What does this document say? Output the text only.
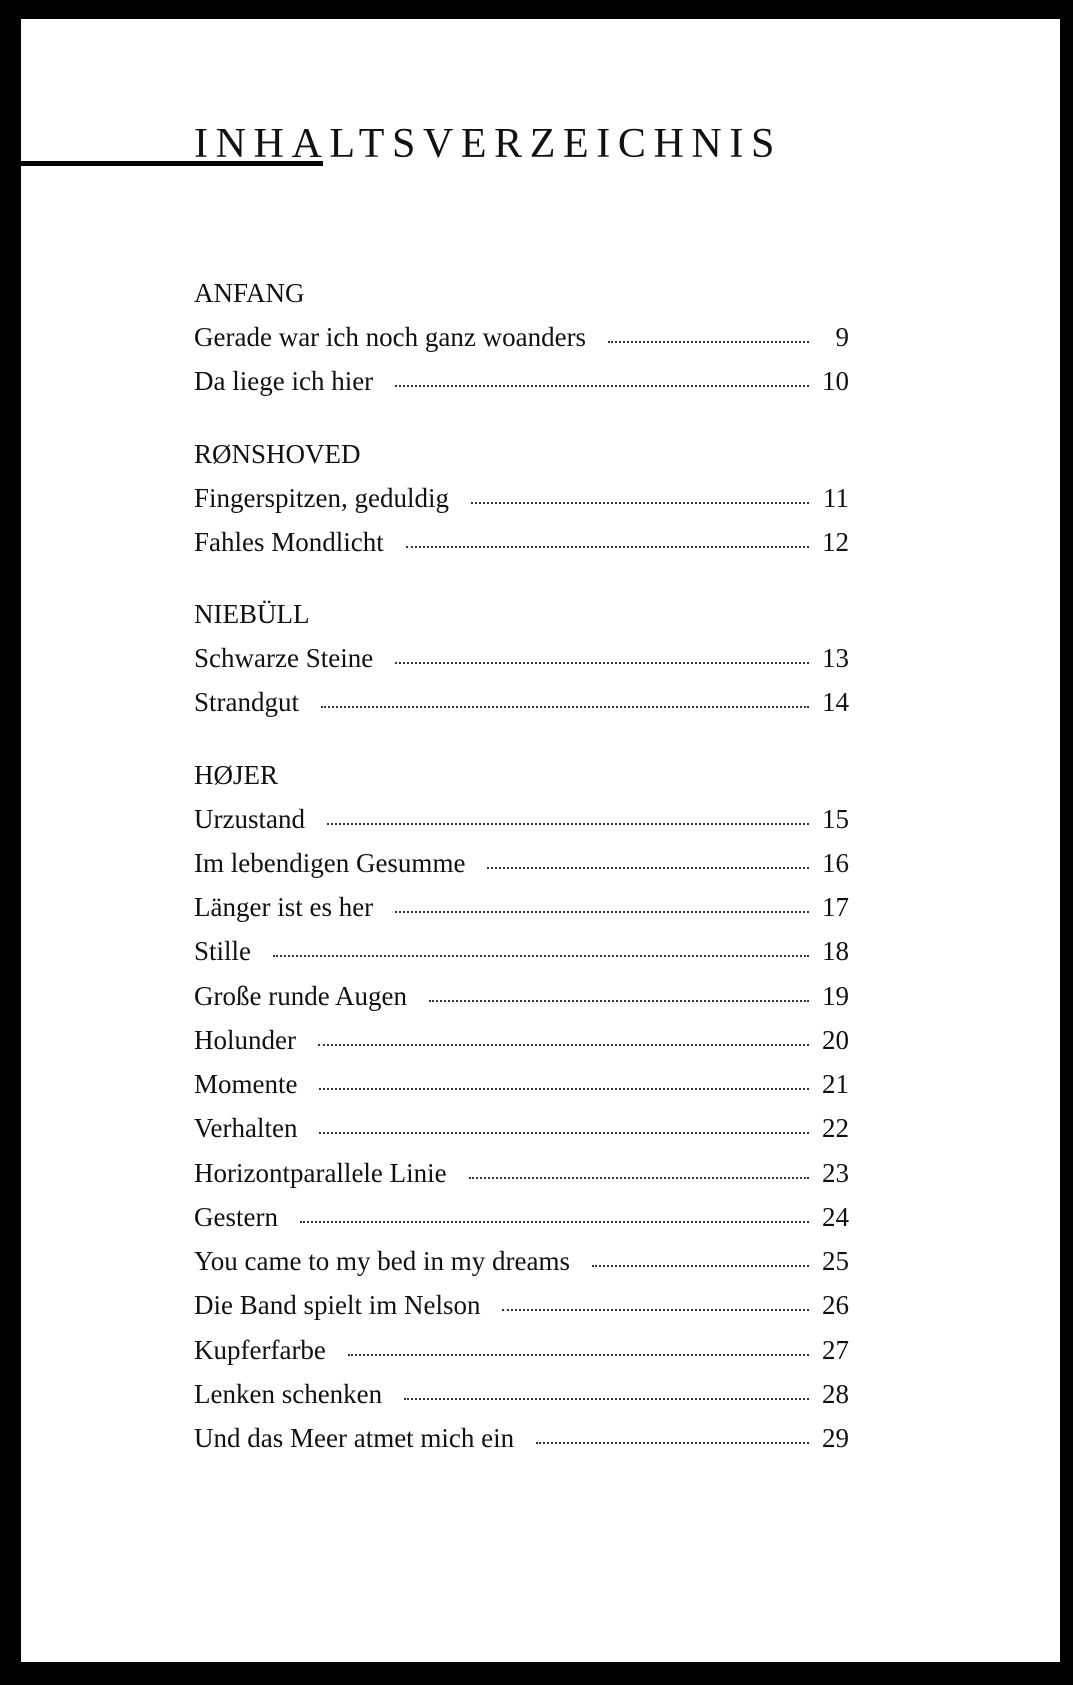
INHALTSVERZEICHNIS
ANFANG
Gerade war ich noch ganz woanders	9
Da liege ich hier	10
RØNSHOVED
Fingerspitzen, geduldig	11
Fahles Mondlicht	12
NIEBÜLL
Schwarze Steine	13
Strandgut	14
HØJER
Urzustand	15
Im lebendigen Gesumme	16
Länger ist es her	17
Stille	18
Große runde Augen	19
Holunder	20
Momente	21
Verhalten	22
Horizontparallele Linie	23
Gestern	24
You came to my bed in my dreams	25
Die Band spielt im Nelson	26
Kupferfarbe	27
Lenken schenken	28
Und das Meer atmet mich ein	29
